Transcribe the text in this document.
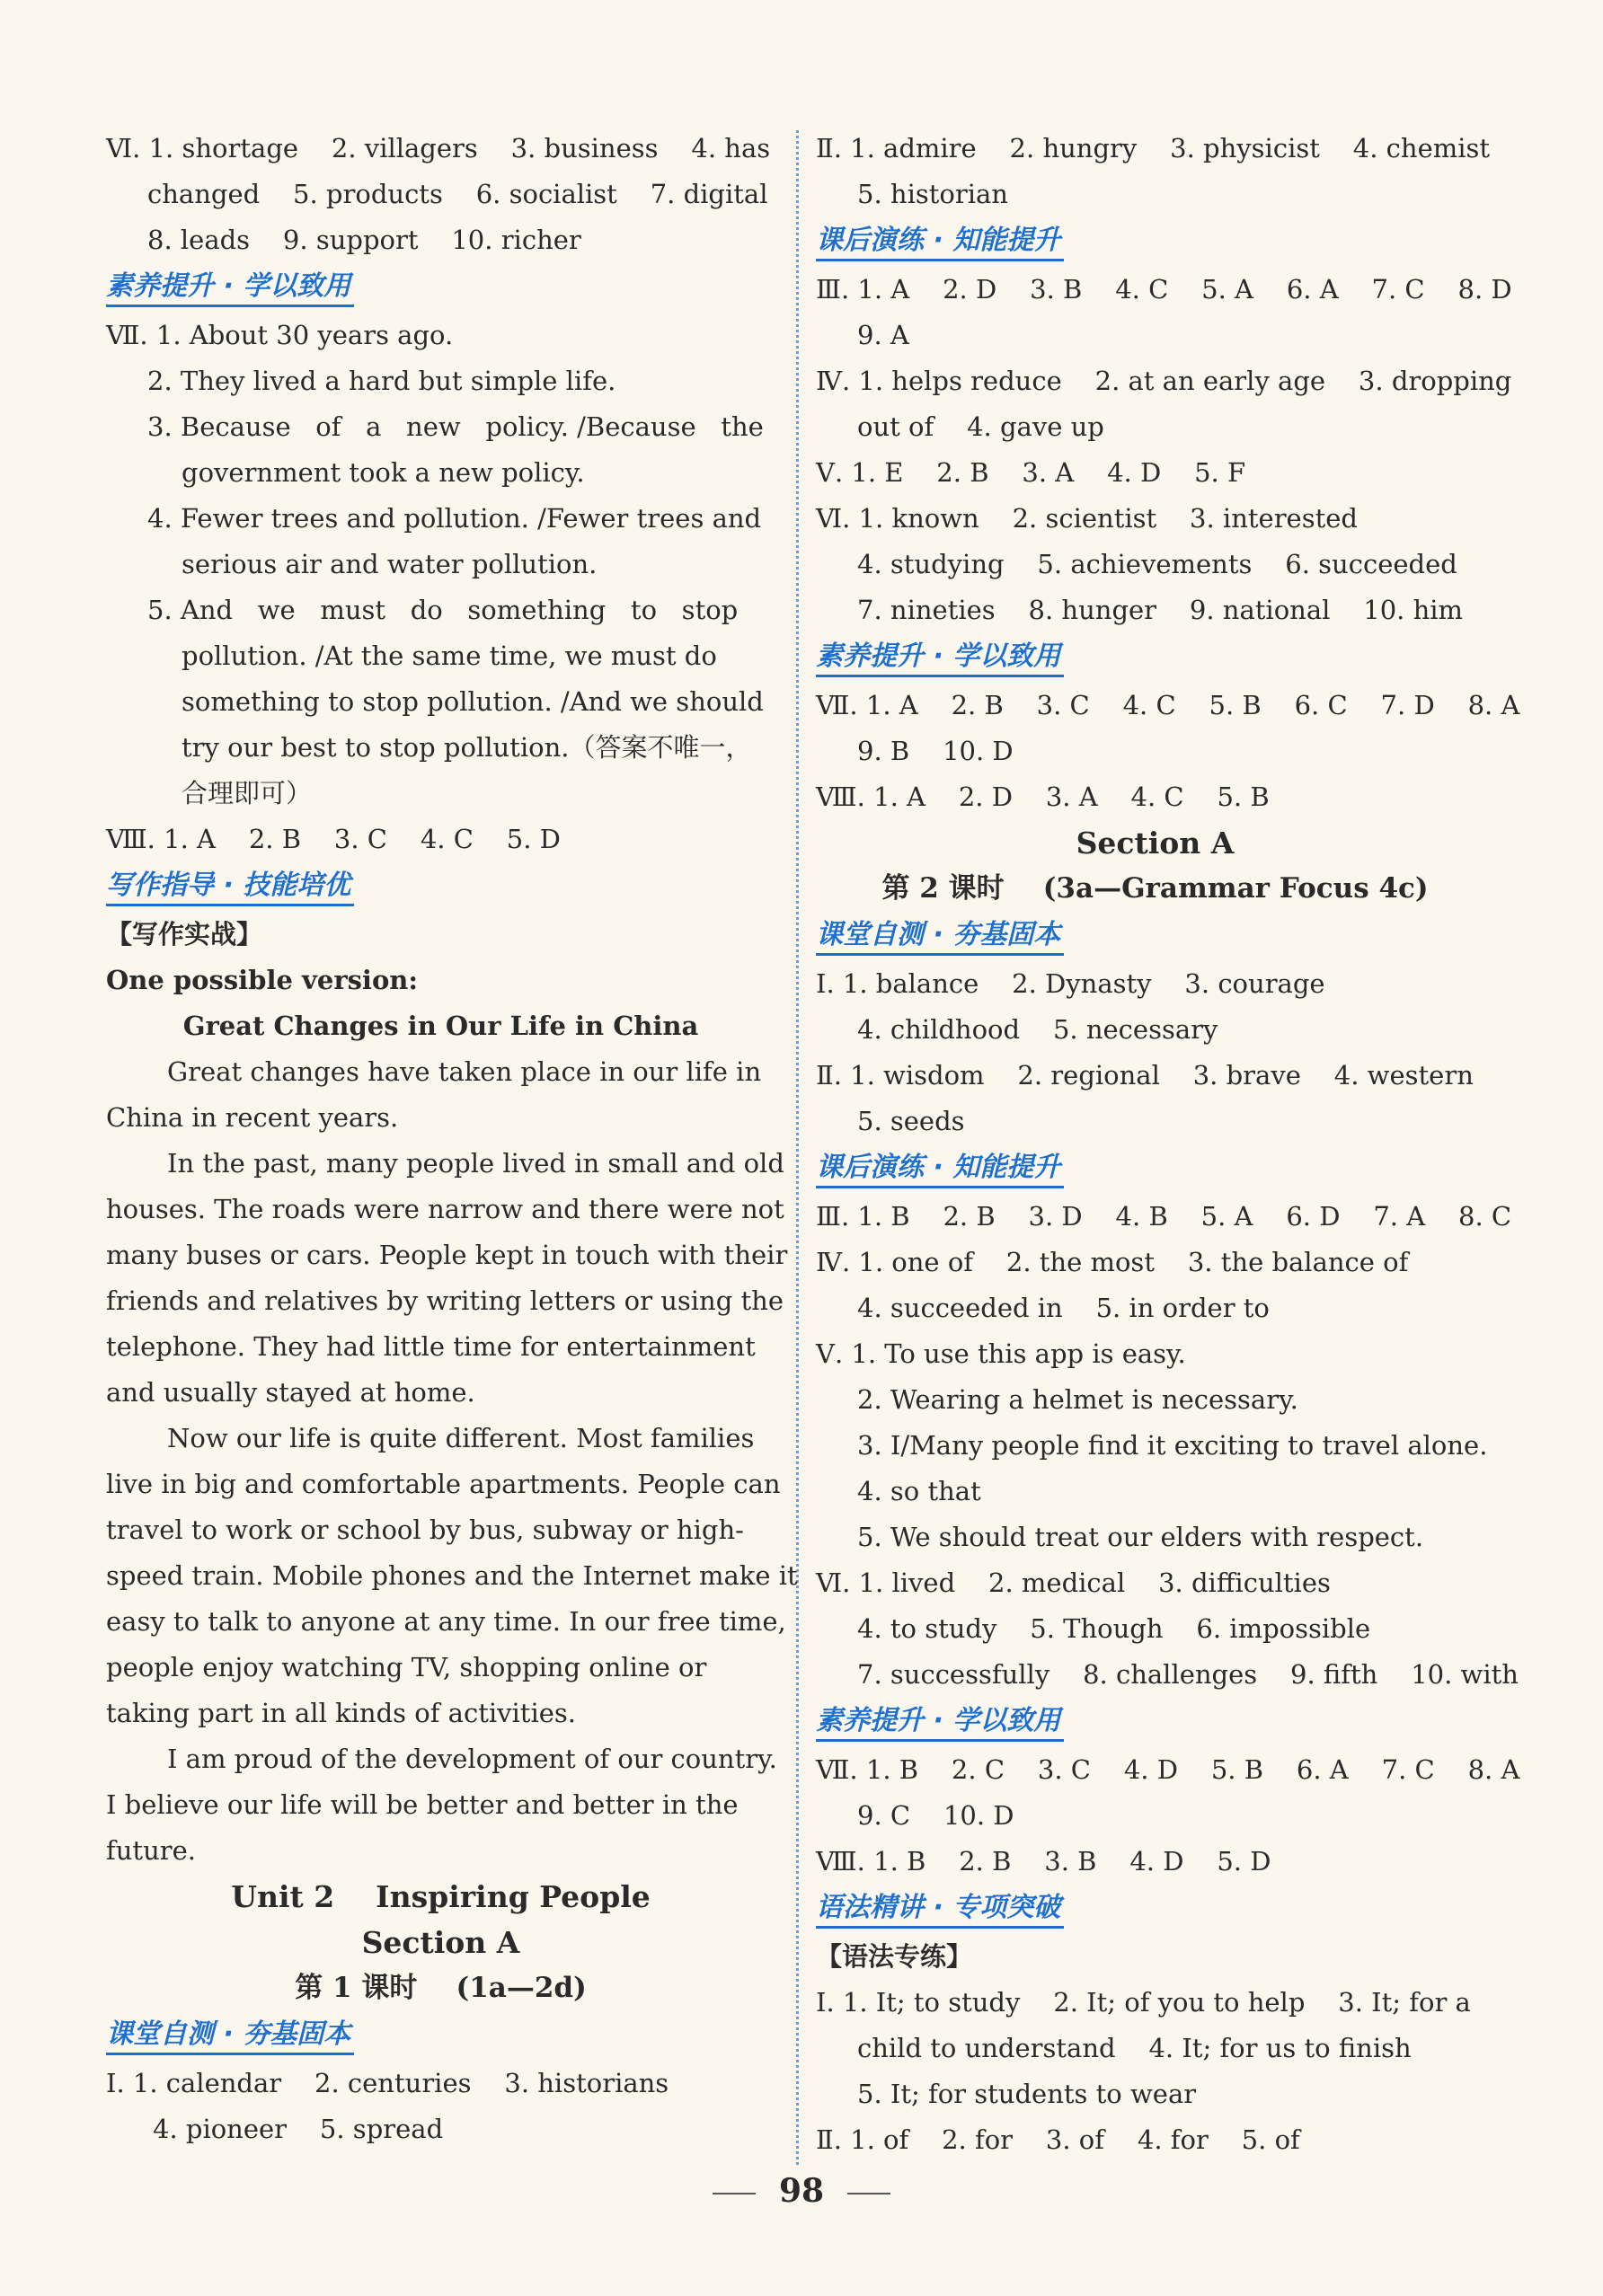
Ⅵ. 1. shortage    2. villagers    3. business    4. has
changed    5. products    6. socialist    7. digital
8. leads    9. support    10. richer
素养提升 · 学以致用
Ⅶ. 1. About 30 years ago.
2. They lived a hard but simple life.
3. Because   of   a   new   policy. /Because   the
government took a new policy.
4. Fewer trees and pollution. /Fewer trees and
serious air and water pollution.
5. And   we   must   do   something   to   stop
pollution. /At the same time, we must do
something to stop pollution. /And we should
try our best to stop pollution.（答案不唯一，
合理即可）
Ⅷ. 1. A    2. B    3. C    4. C    5. D
写作指导 · 技能培优
【写作实战】
One possible version:
Great Changes in Our Life in China
Great changes have taken place in our life in
China in recent years.
In the past, many people lived in small and old
houses. The roads were narrow and there were not
many buses or cars. People kept in touch with their
friends and relatives by writing letters or using the
telephone. They had little time for entertainment
and usually stayed at home.
Now our life is quite different. Most families
live in big and comfortable apartments. People can
travel to work or school by bus, subway or high-
speed train. Mobile phones and the Internet make it
easy to talk to anyone at any time. In our free time,
people enjoy watching TV, shopping online or
taking part in all kinds of activities.
I am proud of the development of our country.
I believe our life will be better and better in the
future.
Unit 2    Inspiring People
Section A
第 1 课时    (1a—2d)
课堂自测 · 夯基固本
Ⅰ. 1. calendar    2. centuries    3. historians
4. pioneer    5. spread
Ⅱ. 1. admire    2. hungry    3. physicist    4. chemist
5. historian
课后演练 · 知能提升
Ⅲ. 1. A    2. D    3. B    4. C    5. A    6. A    7. C    8. D
9. A
Ⅳ. 1. helps reduce    2. at an early age    3. dropping
out of    4. gave up
Ⅴ. 1. E    2. B    3. A    4. D    5. F
Ⅵ. 1. known    2. scientist    3. interested
4. studying    5. achievements    6. succeeded
7. nineties    8. hunger    9. national    10. him
素养提升 · 学以致用
Ⅶ. 1. A    2. B    3. C    4. C    5. B    6. C    7. D    8. A
9. B    10. D
Ⅷ. 1. A    2. D    3. A    4. C    5. B
Section A
第 2 课时    (3a—Grammar Focus 4c)
课堂自测 · 夯基固本
Ⅰ. 1. balance    2. Dynasty    3. courage
4. childhood    5. necessary
Ⅱ. 1. wisdom    2. regional    3. brave    4. western
5. seeds
课后演练 · 知能提升
Ⅲ. 1. B    2. B    3. D    4. B    5. A    6. D    7. A    8. C
Ⅳ. 1. one of    2. the most    3. the balance of
4. succeeded in    5. in order to
Ⅴ. 1. To use this app is easy.
2. Wearing a helmet is necessary.
3. I/Many people find it exciting to travel alone.
4. so that
5. We should treat our elders with respect.
Ⅵ. 1. lived    2. medical    3. difficulties
4. to study    5. Though    6. impossible
7. successfully    8. challenges    9. fifth    10. with
素养提升 · 学以致用
Ⅶ. 1. B    2. C    3. C    4. D    5. B    6. A    7. C    8. A
9. C    10. D
Ⅷ. 1. B    2. B    3. B    4. D    5. D
语法精讲 · 专项突破
【语法专练】
Ⅰ. 1. It; to study    2. It; of you to help    3. It; for a
child to understand    4. It; for us to finish
5. It; for students to wear
Ⅱ. 1. of    2. for    3. of    4. for    5. of
98
